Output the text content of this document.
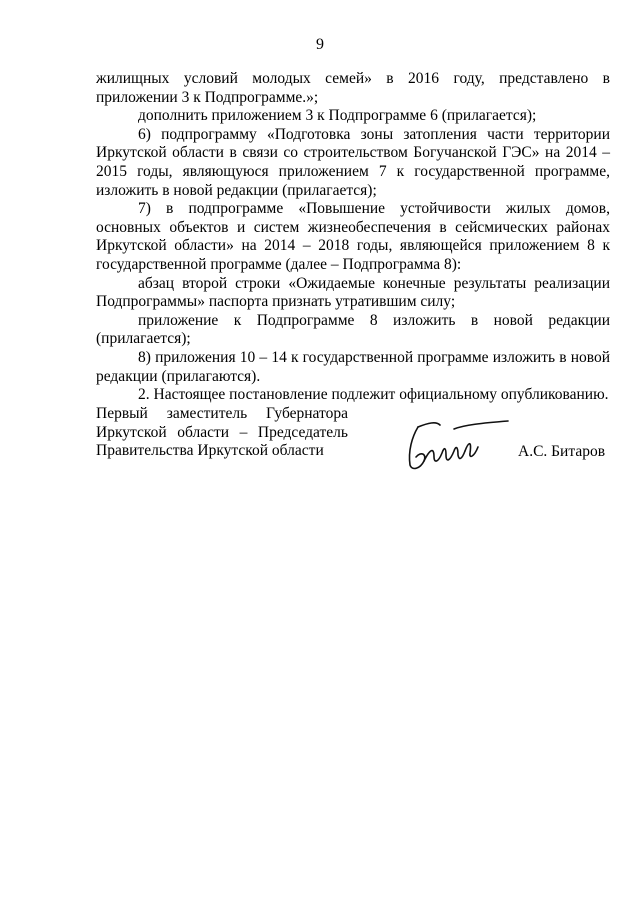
9

жилищных условий молодых семей» в 2016 году, представлено в приложении 3 к Подпрограмме.»;

дополнить приложением 3 к Подпрограмме 6 (прилагается);

6) подпрограмму «Подготовка зоны затопления части территории Иркутской области в связи со строительством Богучанской ГЭС» на 2014 – 2015 годы, являющуюся приложением 7 к государственной программе, изложить в новой редакции (прилагается);

7) в подпрограмме «Повышение устойчивости жилых домов, основных объектов и систем жизнеобеспечения в сейсмических районах Иркутской области» на 2014 – 2018 годы, являющейся приложением 8 к государственной программе (далее – Подпрограмма 8):

абзац второй строки «Ожидаемые конечные результаты реализации Подпрограммы» паспорта признать утратившим силу;

приложение к Подпрограмме 8 изложить в новой редакции (прилагается);

8) приложения 10 – 14 к государственной программе изложить в новой редакции (прилагаются).

2. Настоящее постановление подлежит официальному опубликованию.

Первый заместитель Губернатора
Иркутской области – Председатель
Правительства Иркутской области	А.С. Битаров
